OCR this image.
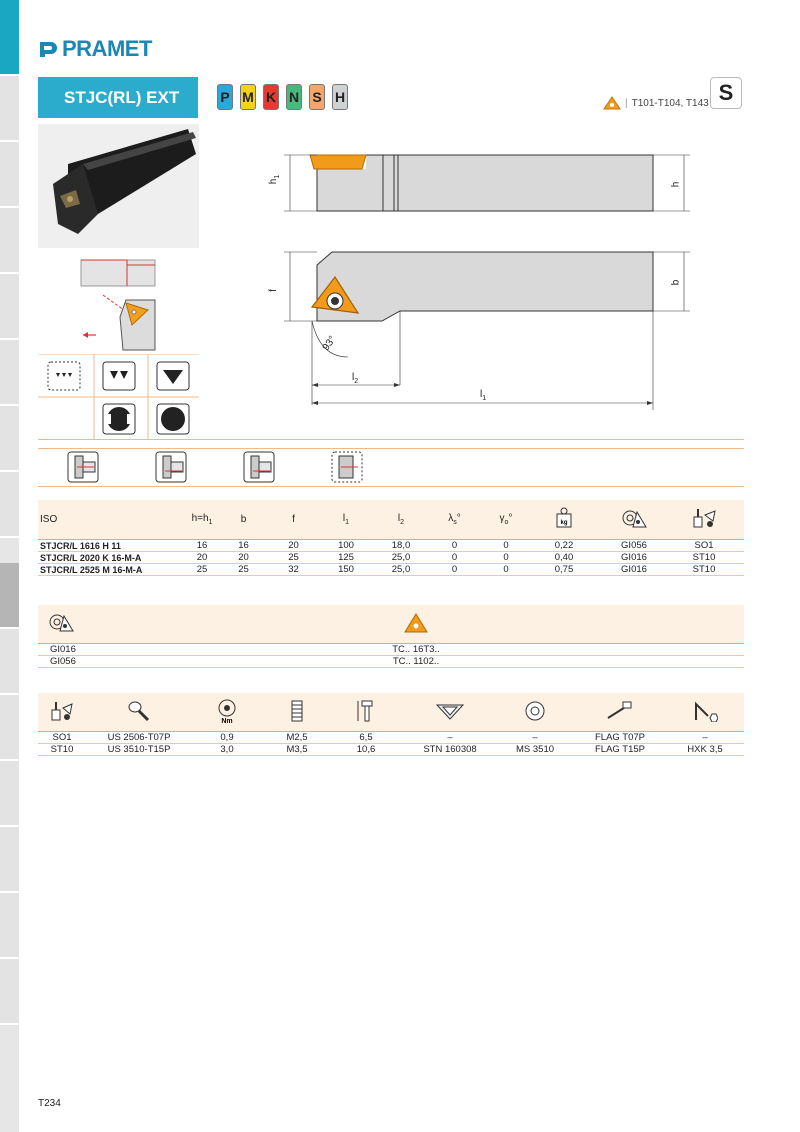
PRAMET
STJC(RL) EXT	P M K N S H	| T101-T104, T143 S
$h_1$
h
f
b
93°
$l_2$
$l_1$
ISO	$h=h_1$	b	f	$l_1$	$l_2$	$\lambda_s^\circ$	$\gamma_o^\circ$	kg
STJCR/L 1616 H 11	16	16	20	100	18,0	0	0	0,22	GI056	SO1
STJCR/L 2020 K 16-M-A	20	20	25	125	25,0	0	0	0,40	GI016	ST10
STJCR/L 2525 M 16-M-A	25	25	32	150	25,0	0	0	0,75	GI016	ST10
GI016	TC.. 16T3..
GI056	TC.. 1102..
Nm
SO1	US 2506-T07P	0,9	M2,5	6,5	–	–	FLAG T07P	–
ST10	US 3510-T15P	3,0	M3,5	10,6	STN 160308	MS 3510	FLAG T15P	HXK 3,5
T234
